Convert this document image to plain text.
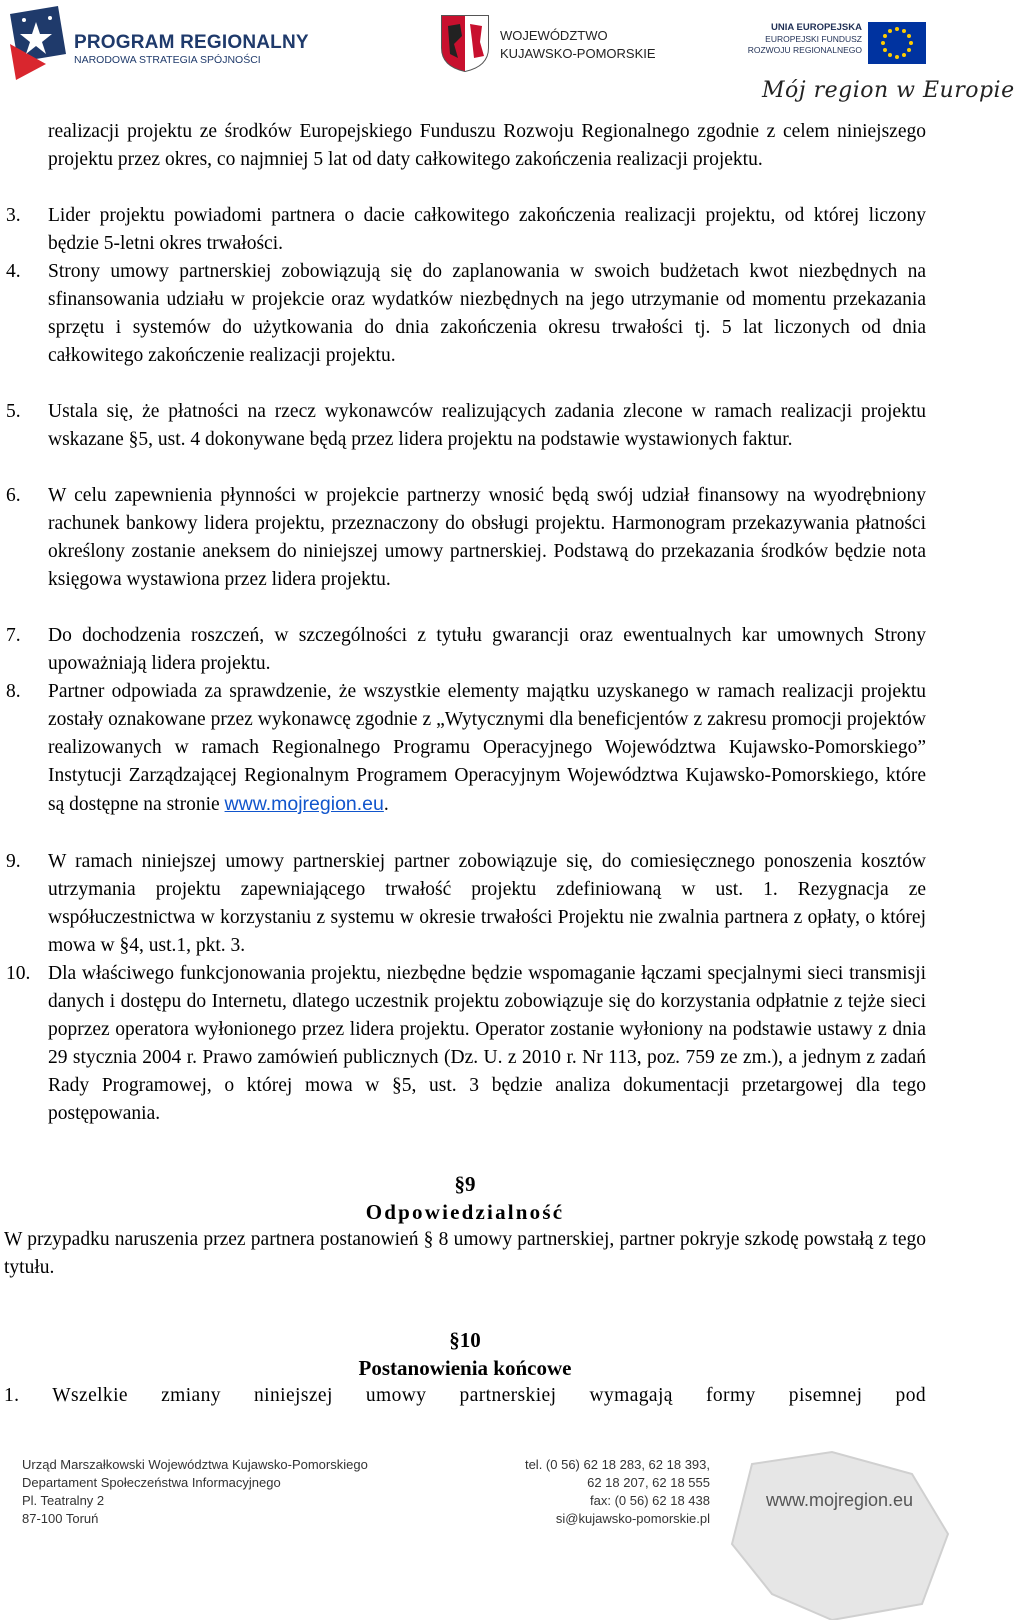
PROGRAM REGIONALNY
NARODOWA STRATEGIA SPÓJNOŚCI
WOJEWÓDZTWO
KUJAWSKO-POMORSKIE
UNIA EUROPEJSKA
EUROPEJSKI FUNDUSZ
ROZWOJU REGIONALNEGO
Mój region w Europie
realizacji projektu ze środków Europejskiego Funduszu Rozwoju Regionalnego zgodnie z celem niniejszego projektu przez okres, co najmniej 5 lat od daty całkowitego zakończenia realizacji projektu.
3. Lider projektu powiadomi partnera o dacie całkowitego zakończenia realizacji projektu, od której liczony będzie 5-letni okres trwałości.
4. Strony umowy partnerskiej zobowiązują się do zaplanowania w swoich budżetach kwot niezbędnych na sfinansowania udziału w projekcie oraz wydatków niezbędnych na jego utrzymanie od momentu przekazania sprzętu i systemów do użytkowania do dnia zakończenia okresu trwałości tj. 5 lat liczonych od dnia całkowitego zakończenie realizacji projektu.
5. Ustala się, że płatności na rzecz wykonawców realizujących zadania zlecone w ramach realizacji projektu wskazane §5, ust. 4 dokonywane będą przez lidera projektu na podstawie wystawionych faktur.
6. W celu zapewnienia płynności w projekcie partnerzy wnosić będą swój udział finansowy na wyodrębniony rachunek bankowy lidera projektu, przeznaczony do obsługi projektu. Harmonogram przekazywania płatności określony zostanie aneksem do niniejszej umowy partnerskiej. Podstawą do przekazania środków będzie nota księgowa wystawiona przez lidera projektu.
7. Do dochodzenia roszczeń, w szczególności z tytułu gwarancji oraz ewentualnych kar umownych Strony upoważniają lidera projektu.
8. Partner odpowiada za sprawdzenie, że wszystkie elementy majątku uzyskanego w ramach realizacji projektu zostały oznakowane przez wykonawcę zgodnie z „Wytycznymi dla beneficjentów z zakresu promocji projektów realizowanych w ramach Regionalnego Programu Operacyjnego Województwa Kujawsko-Pomorskiego” Instytucji Zarządzającej Regionalnym Programem Operacyjnym Województwa Kujawsko-Pomorskiego, które są dostępne na stronie www.mojregion.eu.
9. W ramach niniejszej umowy partnerskiej partner zobowiązuje się, do comiesięcznego ponoszenia kosztów utrzymania projektu zapewniającego trwałość projektu zdefiniowaną w ust. 1. Rezygnacja ze współuczestnictwa w korzystaniu z systemu w okresie trwałości Projektu nie zwalnia partnera z opłaty, o której mowa w §4, ust.1, pkt. 3.
10. Dla właściwego funkcjonowania projektu, niezbędne będzie wspomaganie łączami specjalnymi sieci transmisji danych i dostępu do Internetu, dlatego uczestnik projektu zobowiązuje się do korzystania odpłatnie z tejże sieci poprzez operatora wyłonionego przez lidera projektu. Operator zostanie wyłoniony na podstawie ustawy z dnia 29 stycznia 2004 r. Prawo zamówień publicznych (Dz. U. z 2010 r. Nr 113, poz. 759 ze zm.), a jednym z zadań Rady Programowej, o której mowa w §5, ust. 3 będzie analiza dokumentacji przetargowej dla tego postępowania.
§9
Odpowiedzialność
W przypadku naruszenia przez partnera postanowień § 8 umowy partnerskiej, partner pokryje szkodę powstałą z tego tytułu.
§10
Postanowienia końcowe
1. Wszelkie zmiany niniejszej umowy partnerskiej wymagają formy pisemnej pod
Urząd Marszałkowski Województwa Kujawsko-Pomorskiego
Departament Społeczeństwa Informacyjnego
Pl. Teatralny 2
87-100 Toruń
tel. (0 56) 62 18 283, 62 18 393,
62 18 207, 62 18 555
fax: (0 56) 62 18 438
si@kujawsko-pomorskie.pl
www.mojregion.eu
